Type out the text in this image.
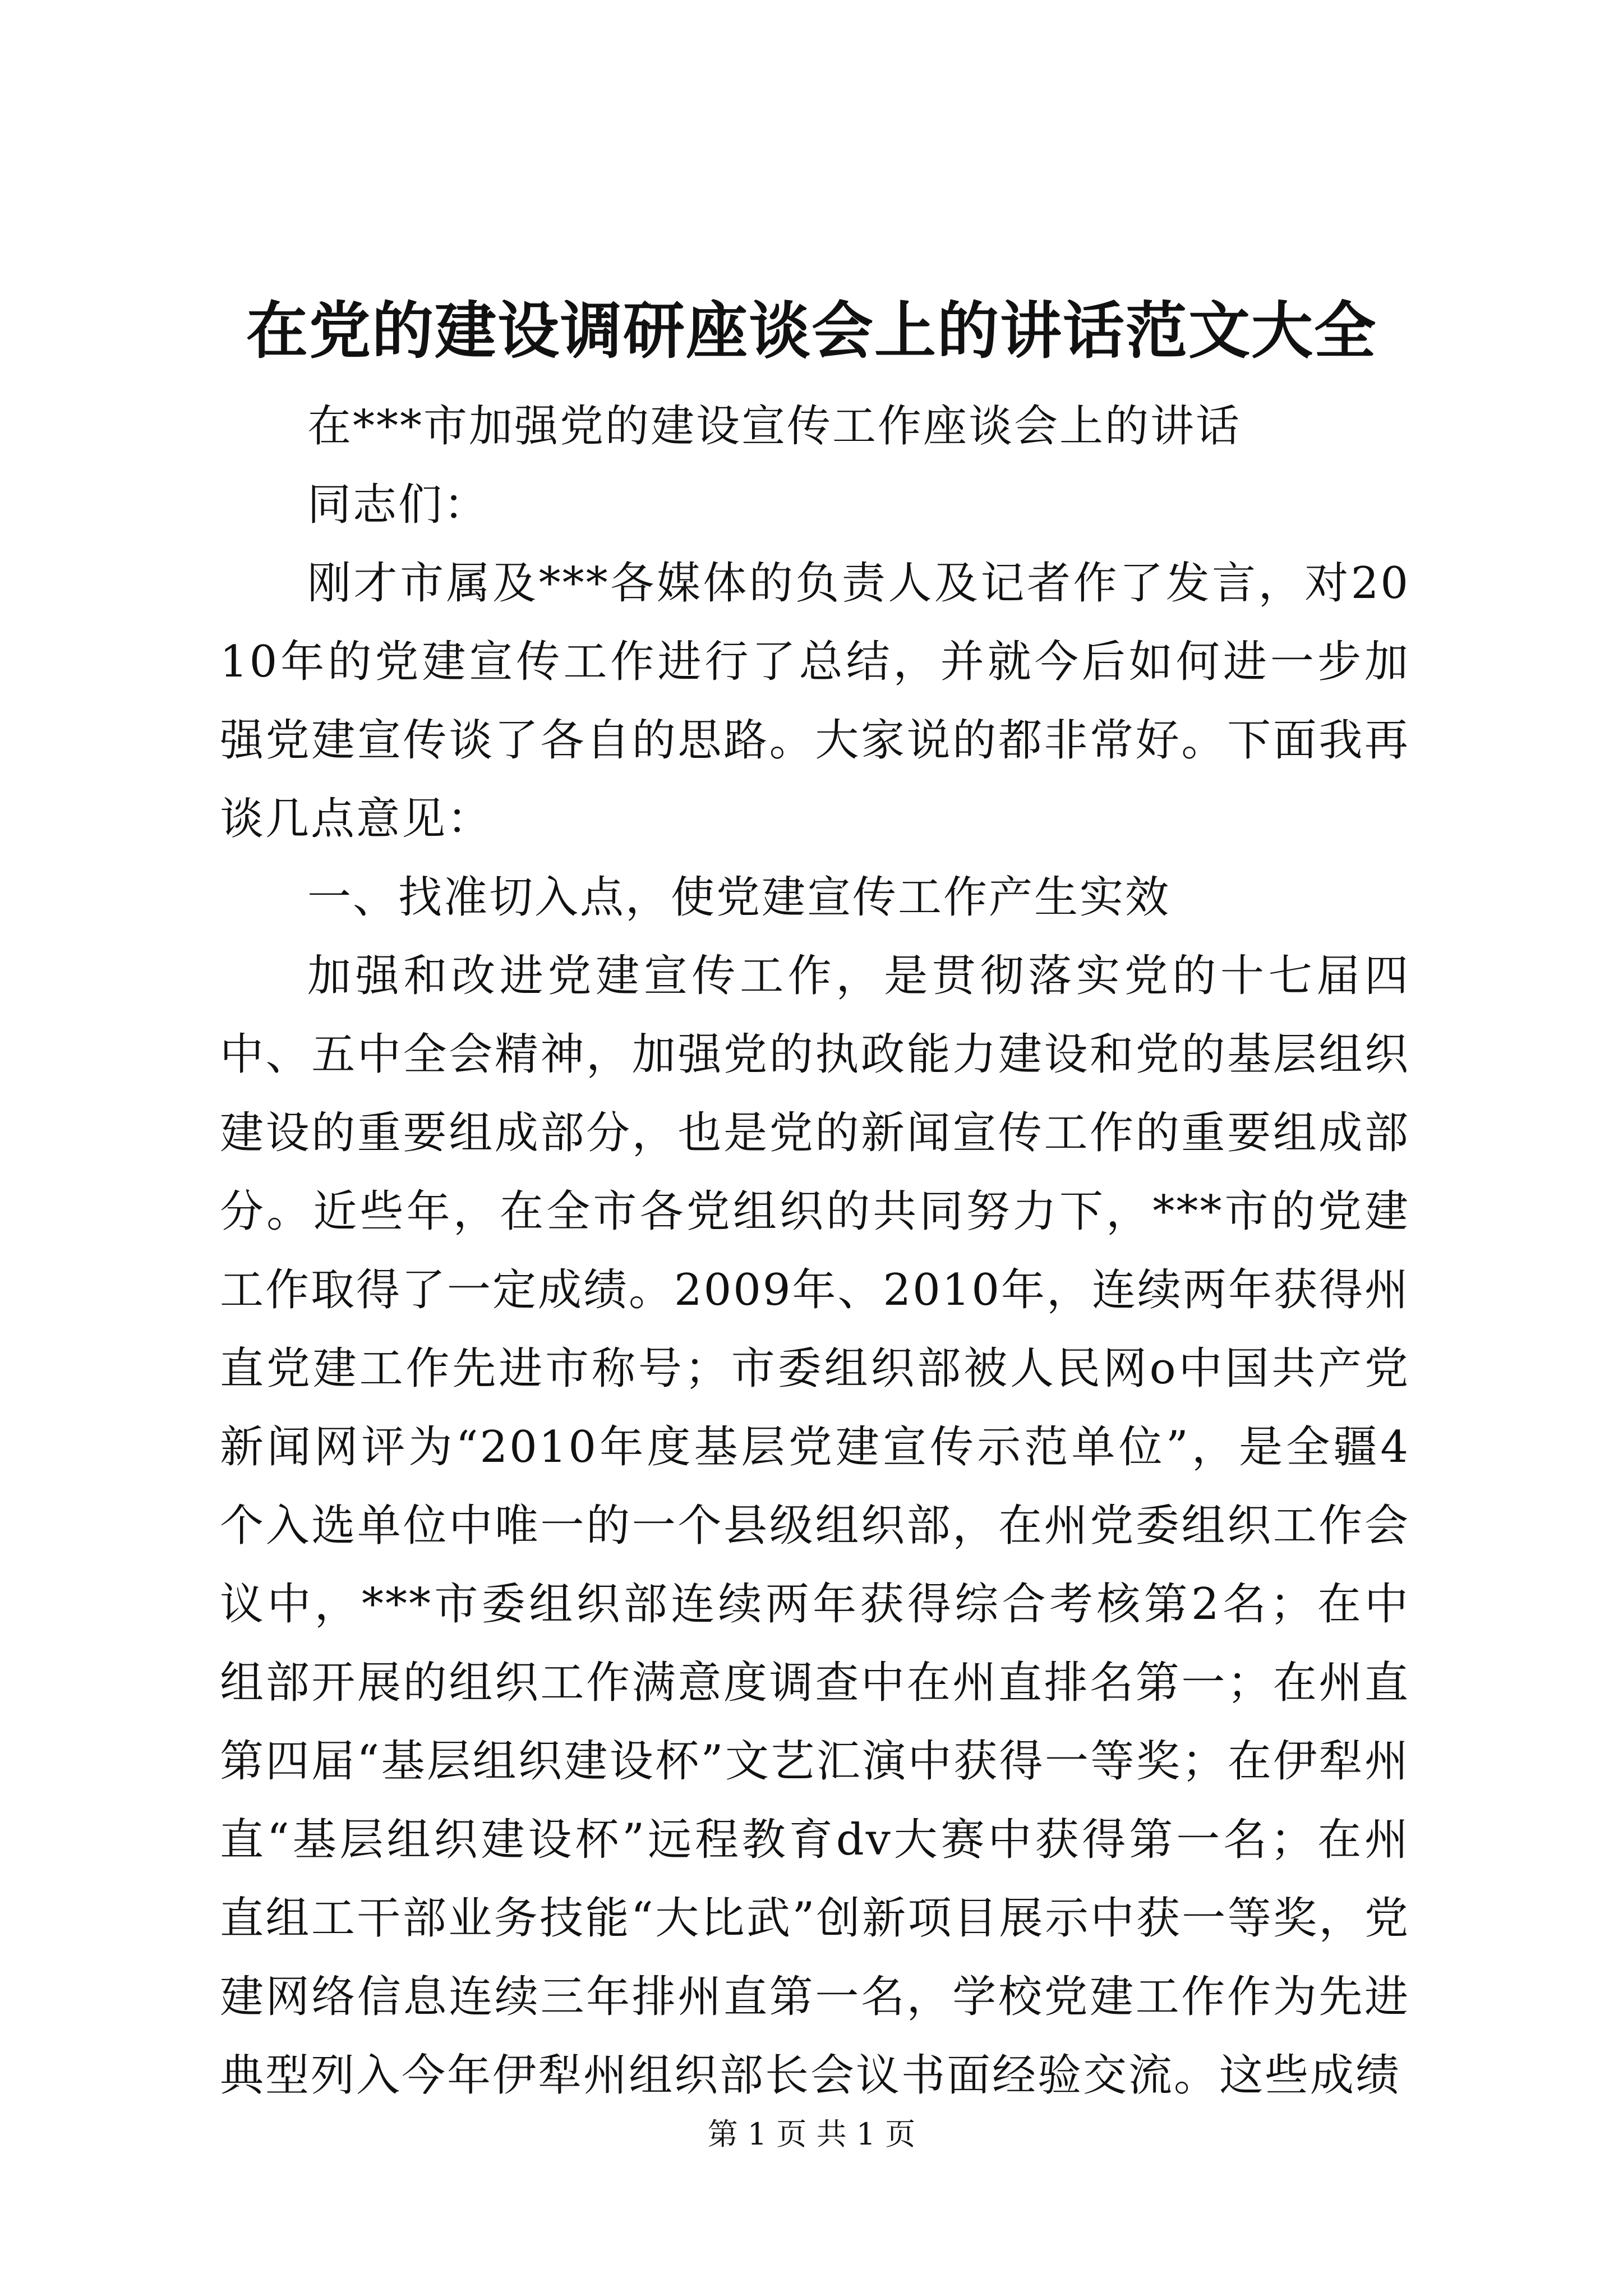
在党的建设调研座谈会上的讲话范文大全

在***市加强党的建设宣传工作座谈会上的讲话

同志们：

刚才市属及***各媒体的负责人及记者作了发言，对2010年的党建宣传工作进行了总结，并就今后如何进一步加强党建宣传谈了各自的思路。大家说的都非常好。下面我再谈几点意见：

一、找准切入点，使党建宣传工作产生实效

加强和改进党建宣传工作，是贯彻落实党的十七届四中、五中全会精神，加强党的执政能力建设和党的基层组织建设的重要组成部分，也是党的新闻宣传工作的重要组成部分。近些年，在全市各党组织的共同努力下，***市的党建工作取得了一定成绩。2009年、2010年，连续两年获得州直党建工作先进市称号；市委组织部被人民网o中国共产党新闻网评为“2010年度基层党建宣传示范单位”，是全疆4个入选单位中唯一的一个县级组织部，在州党委组织工作会议中，***市委组织部连续两年获得综合考核第2名；在中组部开展的组织工作满意度调查中在州直排名第一；在州直第四届“基层组织建设杯”文艺汇演中获得一等奖；在伊犁州直“基层组织建设杯”远程教育dv大赛中获得第一名；在州直组工干部业务技能“大比武”创新项目展示中获一等奖，党建网络信息连续三年排州直第一名，学校党建工作作为先进典型列入今年伊犁州组织部长会议书面经验交流。这些成绩

第 1 页 共 1 页
